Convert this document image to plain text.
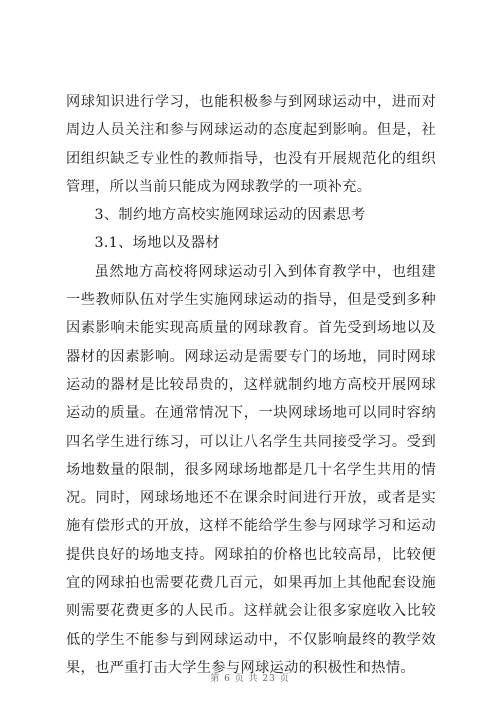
网球知识进行学习，也能积极参与到网球运动中，进而对周边人员关注和参与网球运动的态度起到影响。但是，社团组织缺乏专业性的教师指导，也没有开展规范化的组织管理，所以当前只能成为网球教学的一项补充。

3、制约地方高校实施网球运动的因素思考

3.1、场地以及器材

虽然地方高校将网球运动引入到体育教学中，也组建一些教师队伍对学生实施网球运动的指导，但是受到多种因素影响未能实现高质量的网球教育。首先受到场地以及器材的因素影响。网球运动是需要专门的场地，同时网球运动的器材是比较昂贵的，这样就制约地方高校开展网球运动的质量。在通常情况下，一块网球场地可以同时容纳四名学生进行练习，可以让八名学生共同接受学习。受到场地数量的限制，很多网球场地都是几十名学生共用的情况。同时，网球场地还不在课余时间进行开放，或者是实施有偿形式的开放，这样不能给学生参与网球学习和运动提供良好的场地支持。网球拍的价格也比较高昂，比较便宜的网球拍也需要花费几百元，如果再加上其他配套设施则需要花费更多的人民币。这样就会让很多家庭收入比较低的学生不能参与到网球运动中，不仅影响最终的教学效果，也严重打击大学生参与网球运动的积极性和热情。

第 6 页 共 23 页
